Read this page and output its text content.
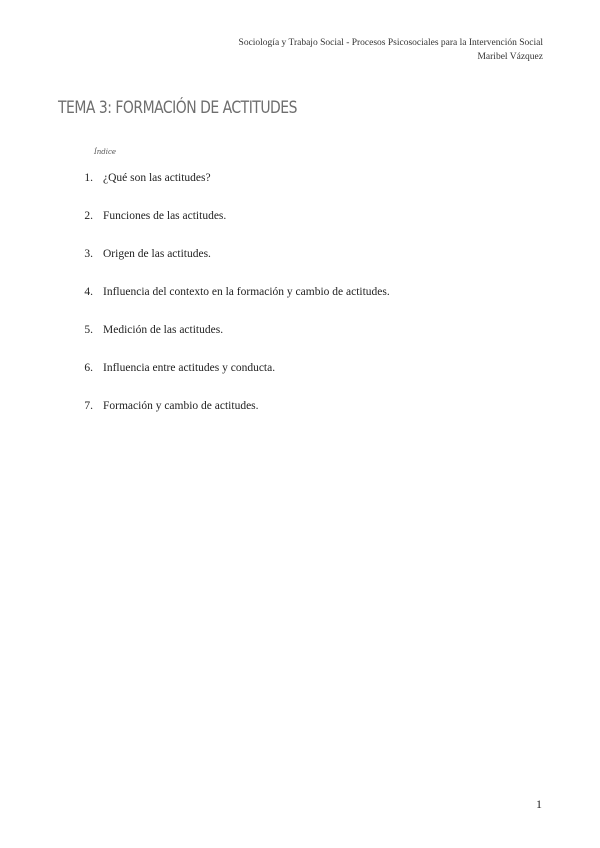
Sociología y Trabajo Social - Procesos Psicosociales para la Intervención Social
Maribel Vázquez
TEMA 3: FORMACIÓN DE ACTITUDES

Índice

1. ¿Qué son las actitudes?
2. Funciones de las actitudes.
3. Origen de las actitudes.
4. Influencia del contexto en la formación y cambio de actitudes.
5. Medición de las actitudes.
6. Influencia entre actitudes y conducta.
7. Formación y cambio de actitudes.
1
